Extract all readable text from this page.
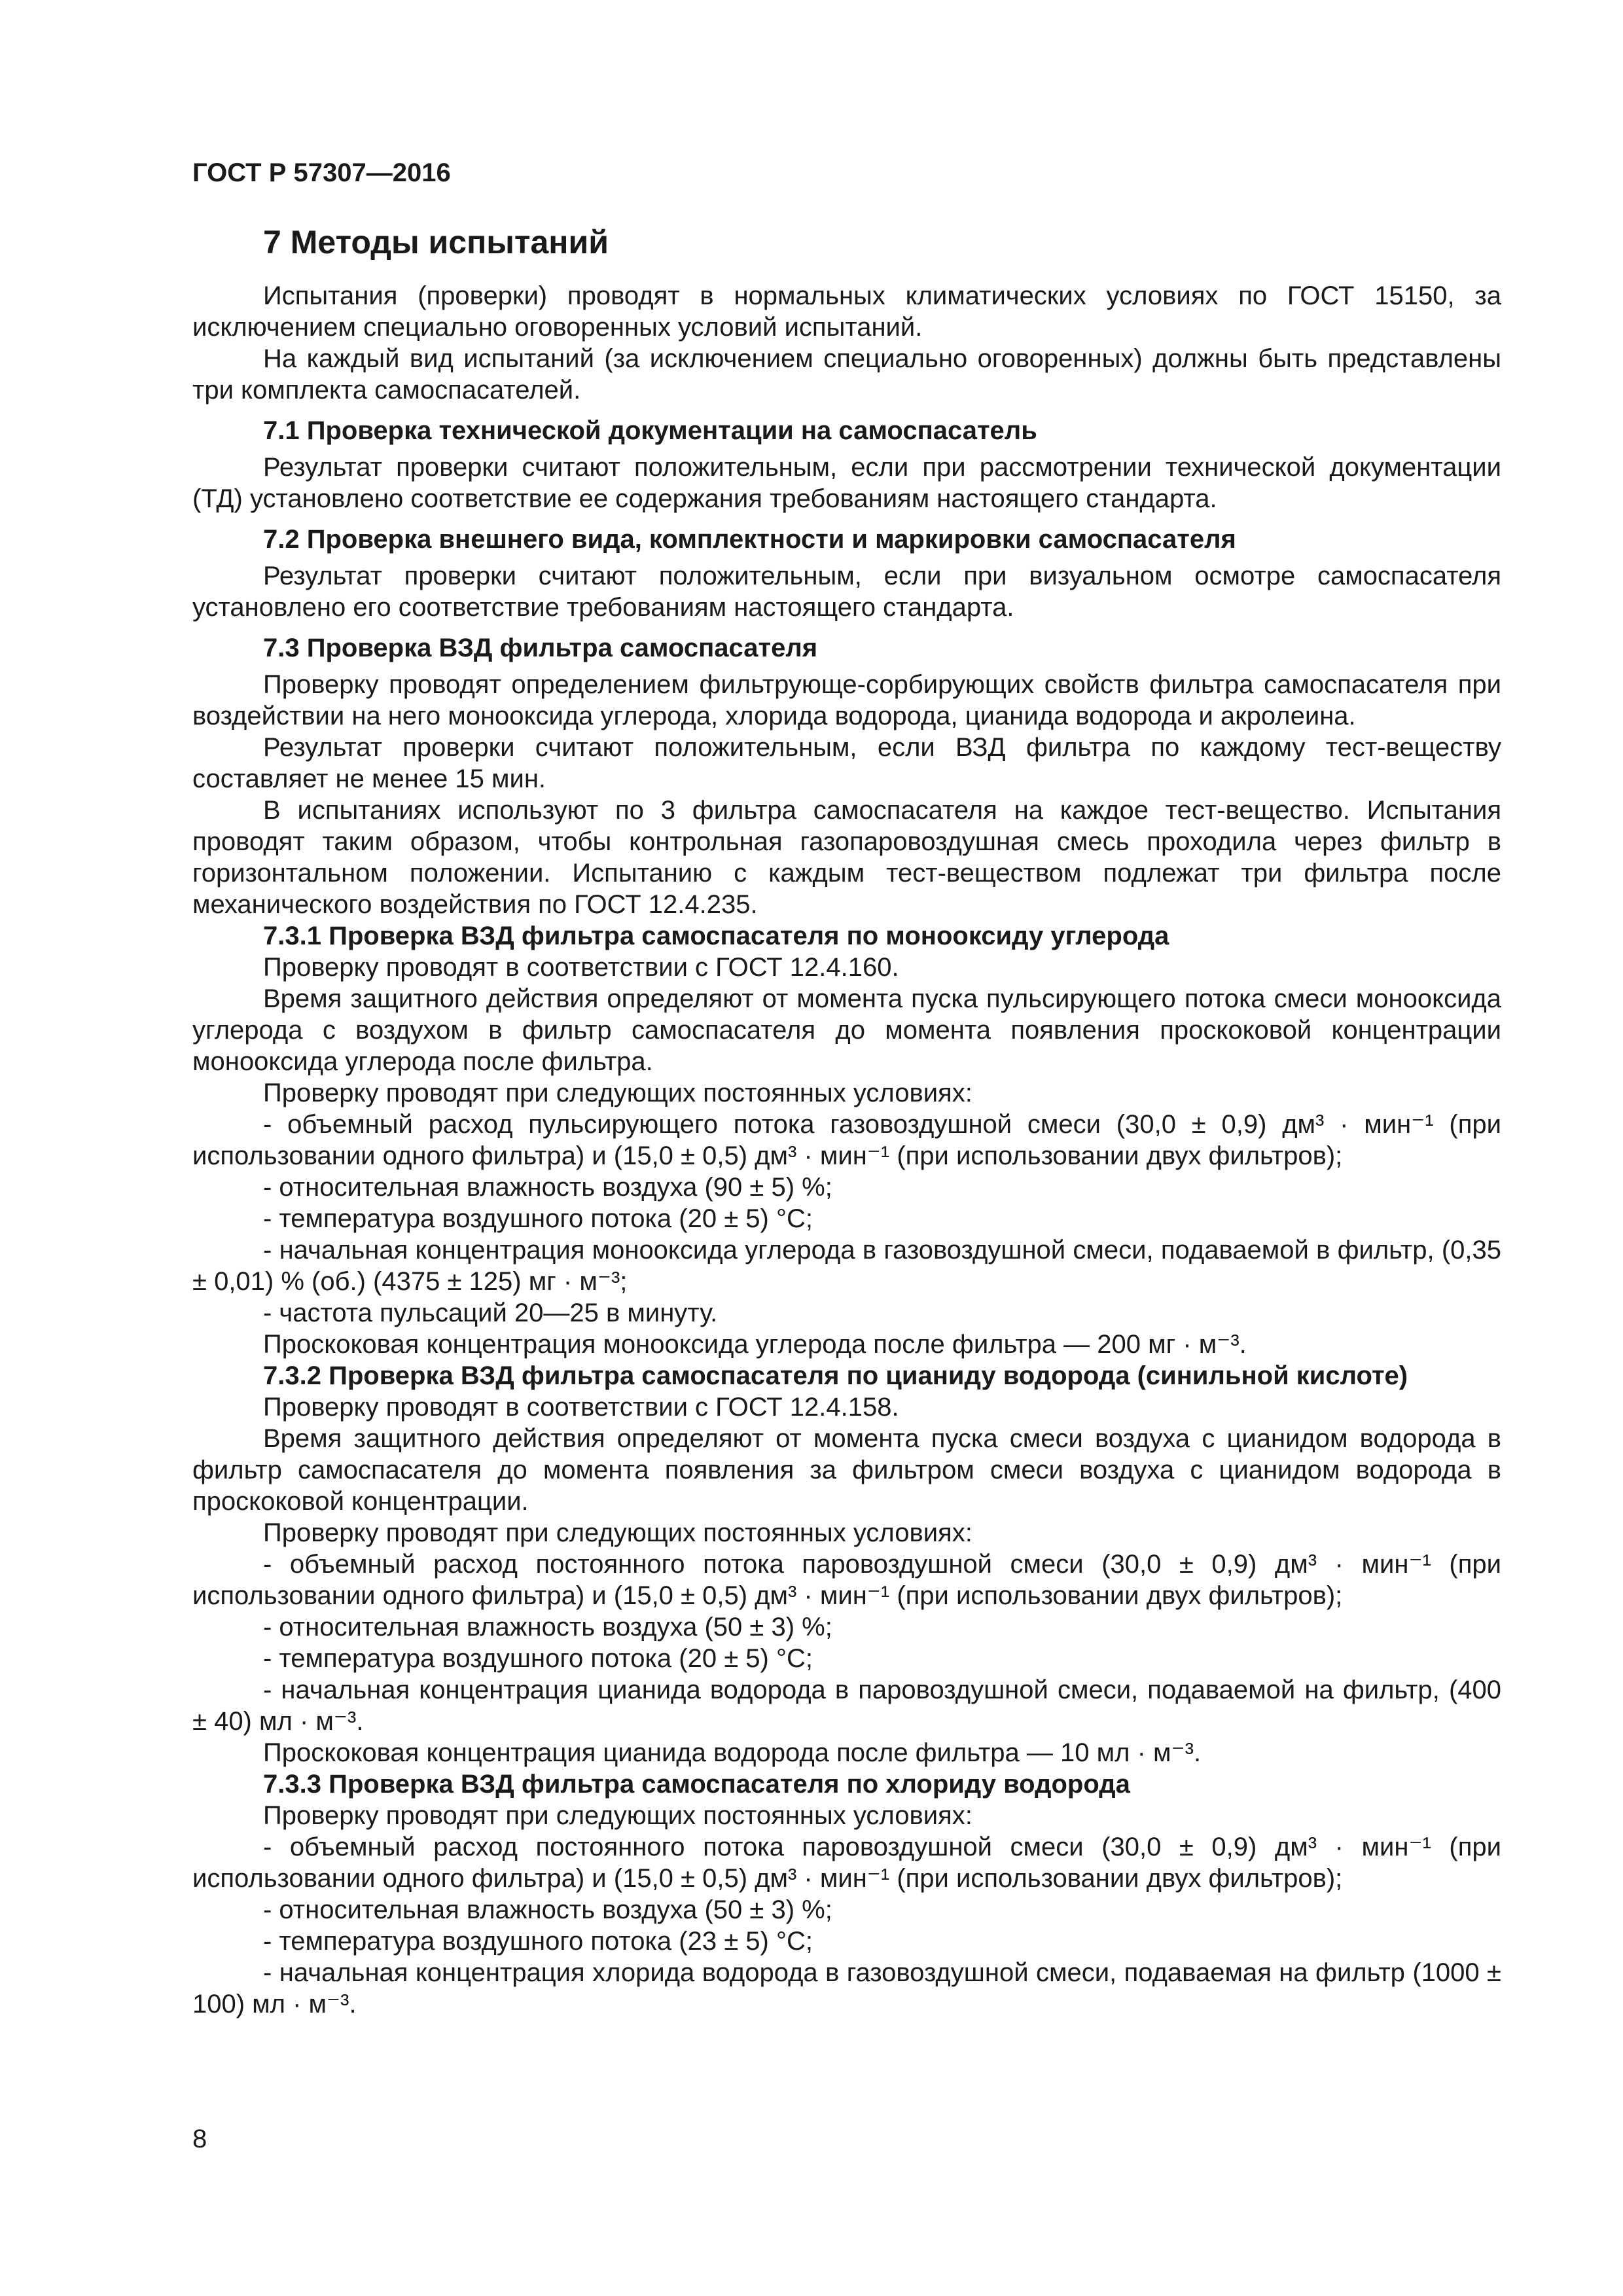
ГОСТ Р 57307—2016
7 Методы испытаний
Испытания (проверки) проводят в нормальных климатических условиях по ГОСТ 15150, за исключением специально оговоренных условий испытаний.
На каждый вид испытаний (за исключением специально оговоренных) должны быть представлены три комплекта самоспасателей.
7.1 Проверка технической документации на самоспасатель
Результат проверки считают положительным, если при рассмотрении технической документации (ТД) установлено соответствие ее содержания требованиям настоящего стандарта.
7.2 Проверка внешнего вида, комплектности и маркировки самоспасателя
Результат проверки считают положительным, если при визуальном осмотре самоспасателя установлено его соответствие требованиям настоящего стандарта.
7.3 Проверка ВЗД фильтра самоспасателя
Проверку проводят определением фильтрующе-сорбирующих свойств фильтра самоспасателя при воздействии на него монооксида углерода, хлорида водорода, цианида водорода и акролеина.
Результат проверки считают положительным, если ВЗД фильтра по каждому тест-веществу составляет не менее 15 мин.
В испытаниях используют по 3 фильтра самоспасателя на каждое тест-вещество. Испытания проводят таким образом, чтобы контрольная газопаровоздушная смесь проходила через фильтр в горизонтальном положении. Испытанию с каждым тест-веществом подлежат три фильтра после механического воздействия по ГОСТ 12.4.235.
7.3.1 Проверка ВЗД фильтра самоспасателя по монооксиду углерода
Проверку проводят в соответствии с ГОСТ 12.4.160.
Время защитного действия определяют от момента пуска пульсирующего потока смеси монооксида углерода с воздухом в фильтр самоспасателя до момента появления проскоковой концентрации монооксида углерода после фильтра.
Проверку проводят при следующих постоянных условиях:
- объемный расход пульсирующего потока газовоздушной смеси (30,0 ± 0,9) дм³ · мин⁻¹ (при использовании одного фильтра) и (15,0 ± 0,5) дм³ · мин⁻¹ (при использовании двух фильтров);
- относительная влажность воздуха (90 ± 5) %;
- температура воздушного потока (20 ± 5) °С;
- начальная концентрация монооксида углерода в газовоздушной смеси, подаваемой в фильтр, (0,35 ± 0,01) % (об.) (4375 ± 125) мг · м⁻³;
- частота пульсаций 20—25 в минуту.
Проскоковая концентрация монооксида углерода после фильтра — 200 мг · м⁻³.
7.3.2 Проверка ВЗД фильтра самоспасателя по цианиду водорода (синильной кислоте)
Проверку проводят в соответствии с ГОСТ 12.4.158.
Время защитного действия определяют от момента пуска смеси воздуха с цианидом водорода в фильтр самоспасателя до момента появления за фильтром смеси воздуха с цианидом водорода в проскоковой концентрации.
Проверку проводят при следующих постоянных условиях:
- объемный расход постоянного потока паровоздушной смеси (30,0 ± 0,9) дм³ · мин⁻¹ (при использовании одного фильтра) и (15,0 ± 0,5) дм³ · мин⁻¹ (при использовании двух фильтров);
- относительная влажность воздуха (50 ± 3) %;
- температура воздушного потока (20 ± 5) °С;
- начальная концентрация цианида водорода в паровоздушной смеси, подаваемой на фильтр, (400 ± 40) мл · м⁻³.
Проскоковая концентрация цианида водорода после фильтра — 10 мл · м⁻³.
7.3.3 Проверка ВЗД фильтра самоспасателя по хлориду водорода
Проверку проводят при следующих постоянных условиях:
- объемный расход постоянного потока паровоздушной смеси (30,0 ± 0,9) дм³ · мин⁻¹ (при использовании одного фильтра) и (15,0 ± 0,5) дм³ · мин⁻¹ (при использовании двух фильтров);
- относительная влажность воздуха (50 ± 3) %;
- температура воздушного потока (23 ± 5) °С;
- начальная концентрация хлорида водорода в газовоздушной смеси, подаваемая на фильтр (1000 ± 100) мл · м⁻³.
8
